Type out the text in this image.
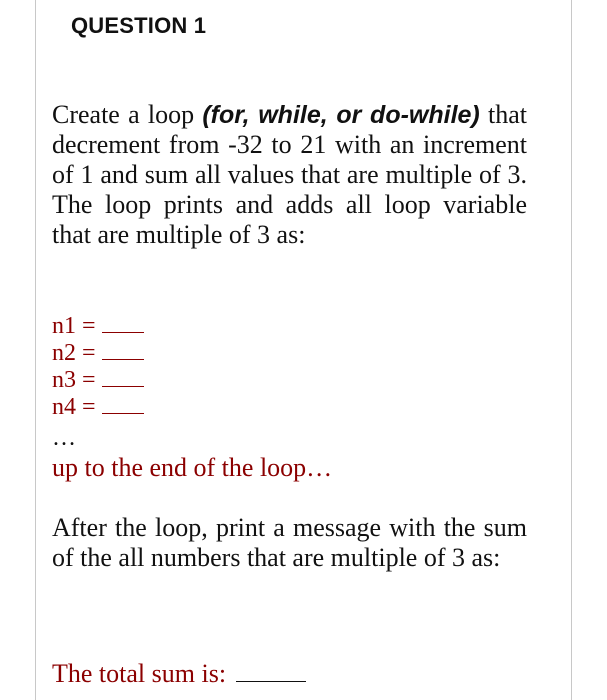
QUESTION 1
Create a loop (for, while, or do-while) that decrement from -32 to 21 with an increment of 1 and sum all values that are multiple of 3. The loop prints and adds all loop variable that are multiple of 3 as:
n1 =
n2 =
n3 =
n4 =
…
up to the end of the loop…
After the loop, print a message with the sum of the all numbers that are multiple of 3 as:
The total sum is:
